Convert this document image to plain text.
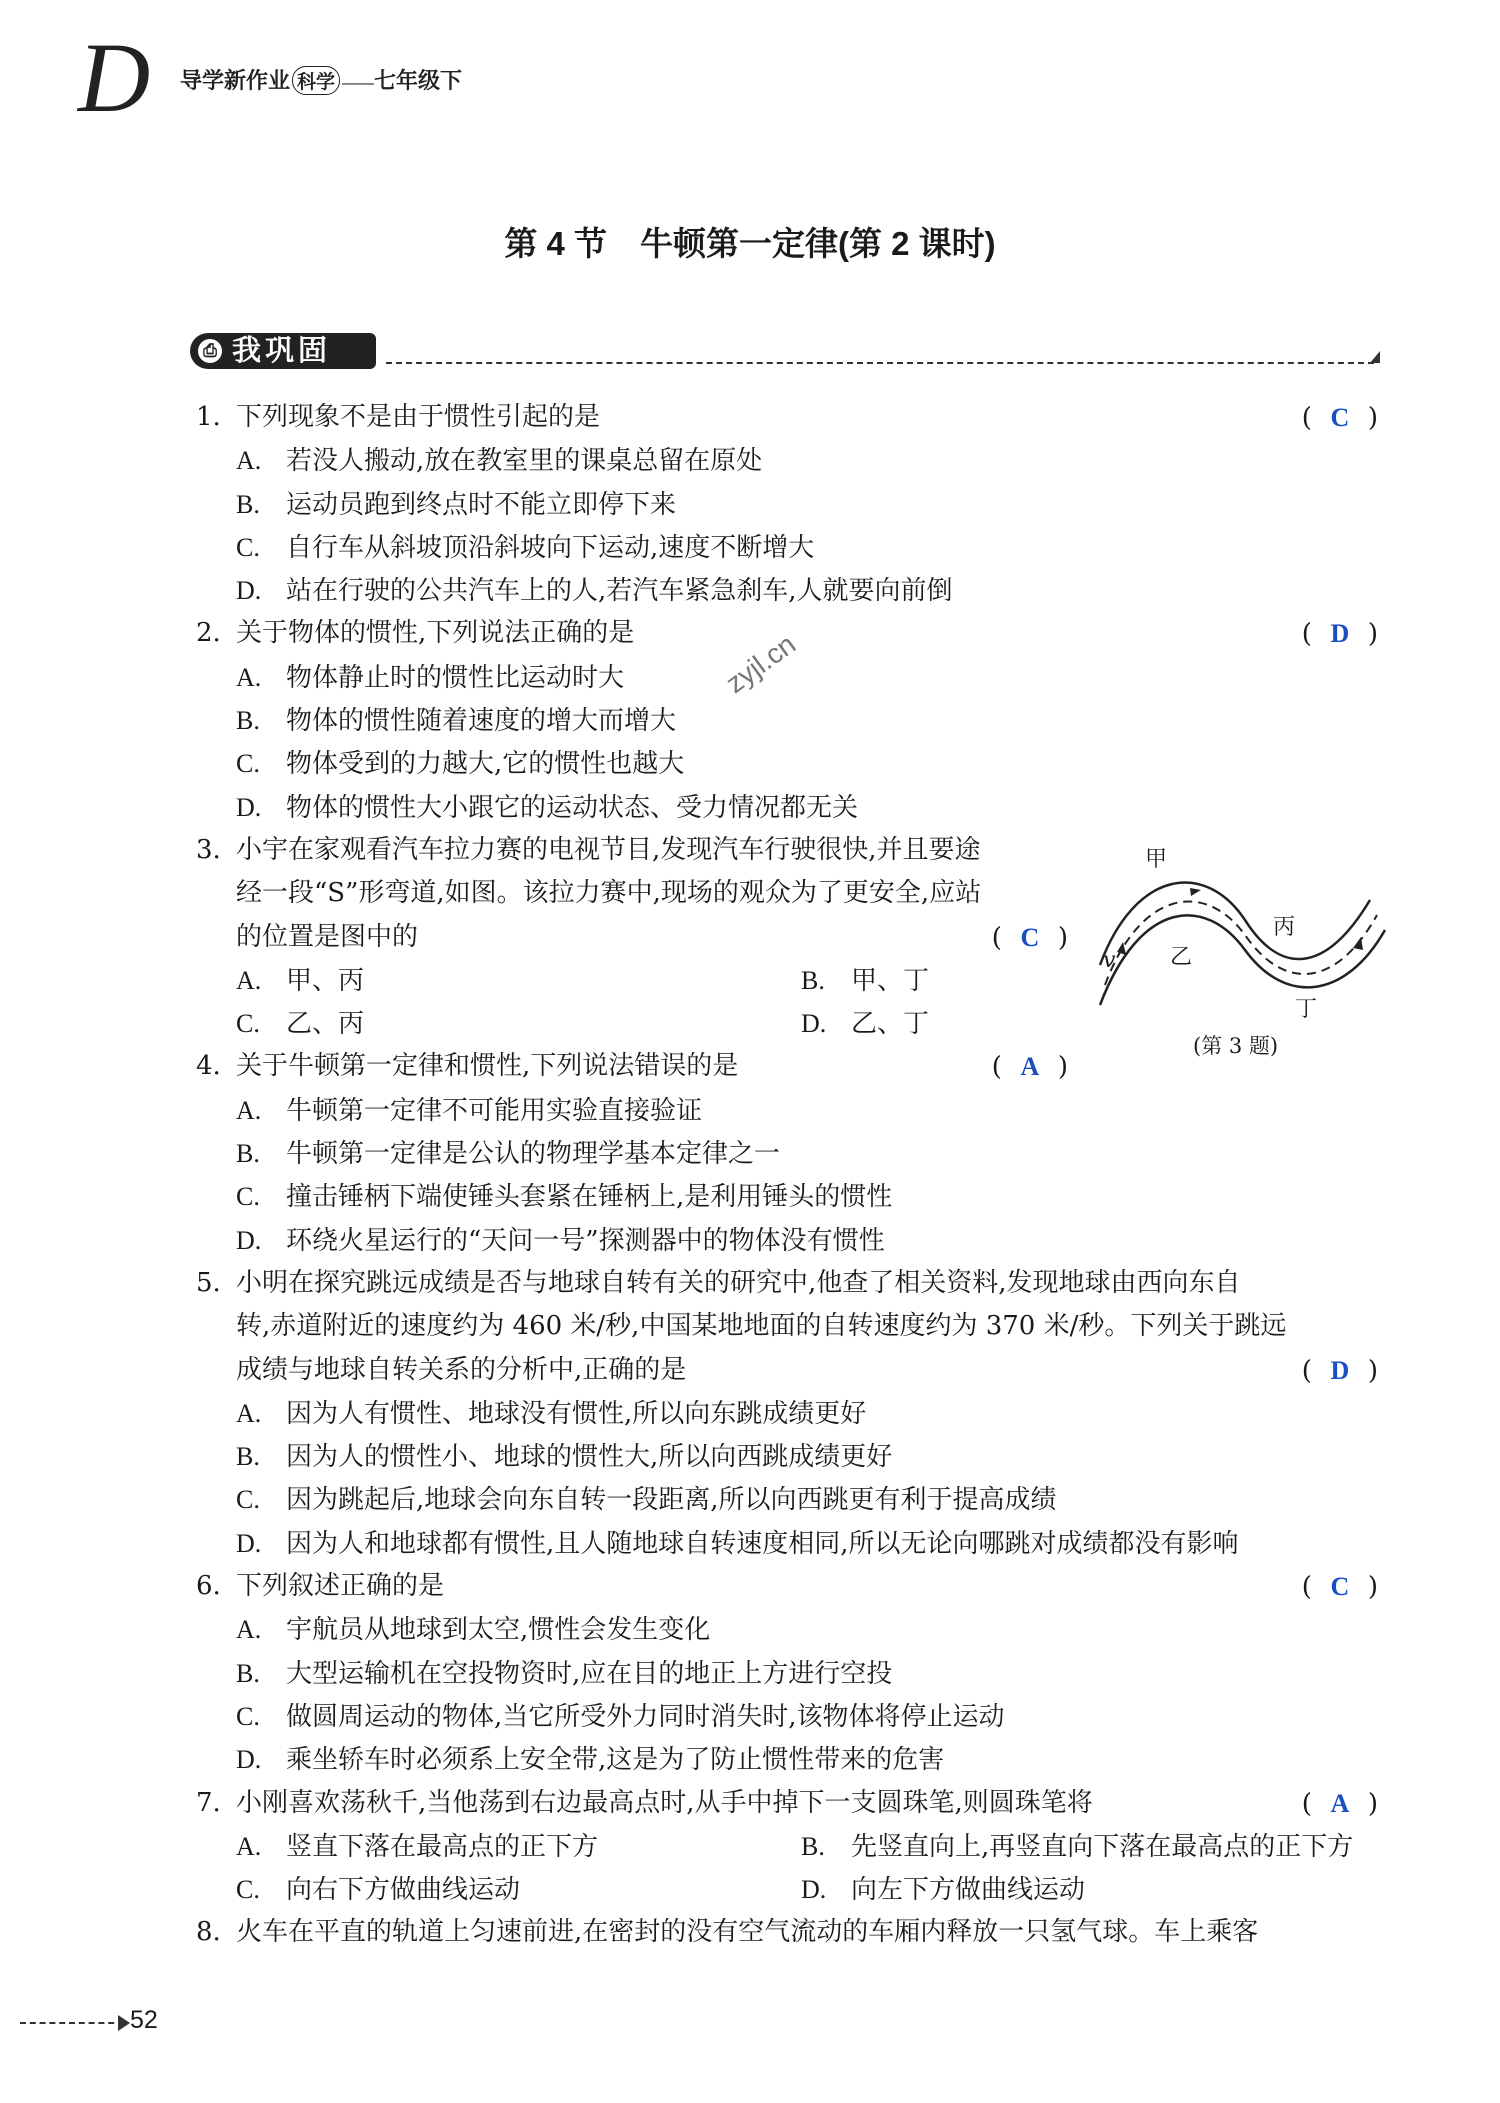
D 导学新作业 科学 ——七年级下
第 4 节　牛顿第一定律(第 2 课时)
⎙ 我巩固
zyjl.cn
甲
乙
丙
丁
v
(第 3 题)
1. 下列现象不是由于惯性引起的是	( C )
A. 若没人搬动,放在教室里的课桌总留在原处
B. 运动员跑到终点时不能立即停下来
C. 自行车从斜坡顶沿斜坡向下运动,速度不断增大
D. 站在行驶的公共汽车上的人,若汽车紧急刹车,人就要向前倒
2. 关于物体的惯性,下列说法正确的是	( D )
A. 物体静止时的惯性比运动时大
B. 物体的惯性随着速度的增大而增大
C. 物体受到的力越大,它的惯性也越大
D. 物体的惯性大小跟它的运动状态、受力情况都无关
3. 小宇在家观看汽车拉力赛的电视节目,发现汽车行驶很快,并且要途
经一段“S”形弯道,如图。该拉力赛中,现场的观众为了更安全,应站
的位置是图中的	( C )
A. 甲、丙	B. 甲、丁
C. 乙、丙	D. 乙、丁
4. 关于牛顿第一定律和惯性,下列说法错误的是	( A )
A. 牛顿第一定律不可能用实验直接验证
B. 牛顿第一定律是公认的物理学基本定律之一
C. 撞击锤柄下端使锤头套紧在锤柄上,是利用锤头的惯性
D. 环绕火星运行的“天问一号”探测器中的物体没有惯性
5. 小明在探究跳远成绩是否与地球自转有关的研究中,他查了相关资料,发现地球由西向东自
转,赤道附近的速度约为 460 米/秒,中国某地地面的自转速度约为 370 米/秒。下列关于跳远
成绩与地球自转关系的分析中,正确的是	( D )
A. 因为人有惯性、地球没有惯性,所以向东跳成绩更好
B. 因为人的惯性小、地球的惯性大,所以向西跳成绩更好
C. 因为跳起后,地球会向东自转一段距离,所以向西跳更有利于提高成绩
D. 因为人和地球都有惯性,且人随地球自转速度相同,所以无论向哪跳对成绩都没有影响
6. 下列叙述正确的是	( C )
A. 宇航员从地球到太空,惯性会发生变化
B. 大型运输机在空投物资时,应在目的地正上方进行空投
C. 做圆周运动的物体,当它所受外力同时消失时,该物体将停止运动
D. 乘坐轿车时必须系上安全带,这是为了防止惯性带来的危害
7. 小刚喜欢荡秋千,当他荡到右边最高点时,从手中掉下一支圆珠笔,则圆珠笔将	( A )
A. 竖直下落在最高点的正下方	B. 先竖直向上,再竖直向下落在最高点的正下方
C. 向右下方做曲线运动	D. 向左下方做曲线运动
8. 火车在平直的轨道上匀速前进,在密封的没有空气流动的车厢内释放一只氢气球。车上乘客
52
